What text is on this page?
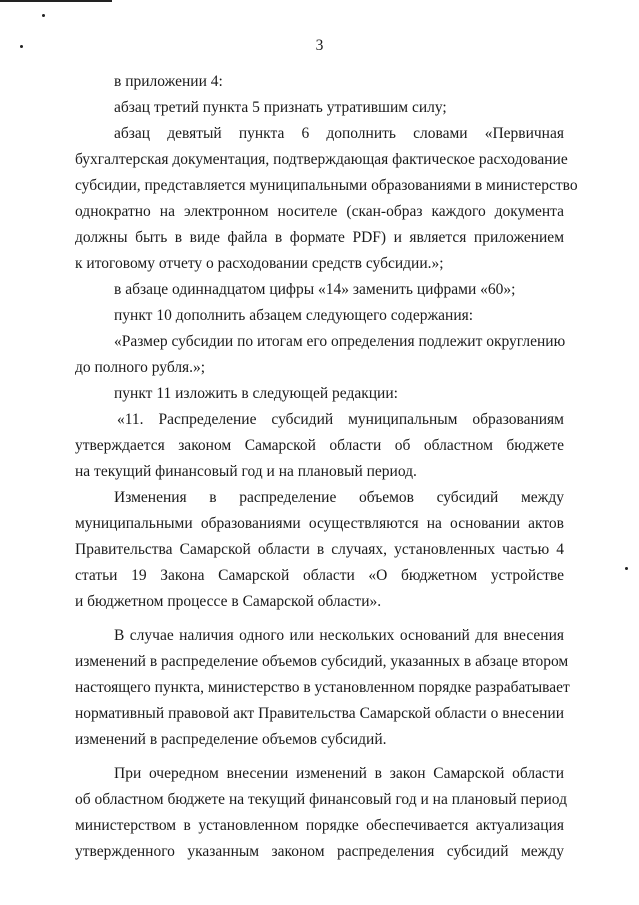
3
в приложении 4:
абзац третий пункта 5 признать утратившим силу;
абзац девятый пункта 6 дополнить словами «Первичная
бухгалтерская документация, подтверждающая фактическое расходование
субсидии, представляется муниципальными образованиями в министерство
однократно на электронном носителе (скан-образ каждого документа
должны быть в виде файла в формате PDF) и является приложением
к итоговому отчету о расходовании средств субсидии.»;
в абзаце одиннадцатом цифры «14» заменить цифрами «60»;
пункт 10 дополнить абзацем следующего содержания:
«Размер субсидии по итогам его определения подлежит округлению
до полного рубля.»;
пункт 11 изложить в следующей редакции:
«11. Распределение субсидий муниципальным образованиям
утверждается законом Самарской области об областном бюджете
на текущий финансовый год и на плановый период.
Изменения в распределение объемов субсидий между
муниципальными образованиями осуществляются на основании актов
Правительства Самарской области в случаях, установленных частью 4
статьи 19 Закона Самарской области «О бюджетном устройстве
и бюджетном процессе в Самарской области».
В случае наличия одного или нескольких оснований для внесения
изменений в распределение объемов субсидий, указанных в абзаце втором
настоящего пункта, министерство в установленном порядке разрабатывает
нормативный правовой акт Правительства Самарской области о внесении
изменений в распределение объемов субсидий.
При очередном внесении изменений в закон Самарской области
об областном бюджете на текущий финансовый год и на плановый период
министерством в установленном порядке обеспечивается актуализация
утвержденного указанным законом распределения субсидий между
